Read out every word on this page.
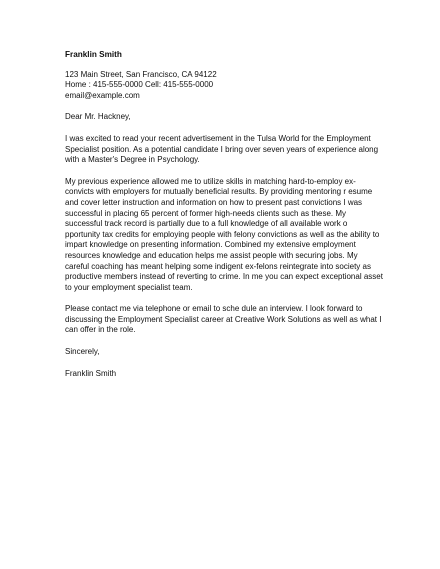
Franklin Smith
123 Main Street, San Francisco, CA 94122
Home : 415-555-0000 Cell: 415-555-0000
email@example.com
Dear Mr. Hackney,

I was excited to read your recent advertisement in the Tulsa World for the Employment Specialist position. As a potential candidate I bring over seven years of experience along with a Master's Degree in Psychology.

My previous experience allowed me to utilize skills in matching hard-to-employ ex-convicts with employers for mutually beneficial results. By providing mentoring r esume and cover letter instruction and information on how to present past convictions I was successful in placing 65 percent of former high-needs clients such as these. My successful track record is partially due to a full knowledge of all available work o pportunity tax credits for employing people with felony convictions as well as the ability to impart knowledge on presenting information. Combined my extensive employment resources knowledge and education helps me assist people with securing jobs. My careful coaching has meant helping some indigent ex-felons reintegrate into society as productive members instead of reverting to crime. In me you can expect exceptional asset to your employment specialist team.

Please contact me via telephone or email to sche dule an interview. I look forward to discussing the Employment Specialist career at Creative Work Solutions as well as what I can offer in the role.

Sincerely,
Franklin Smith
